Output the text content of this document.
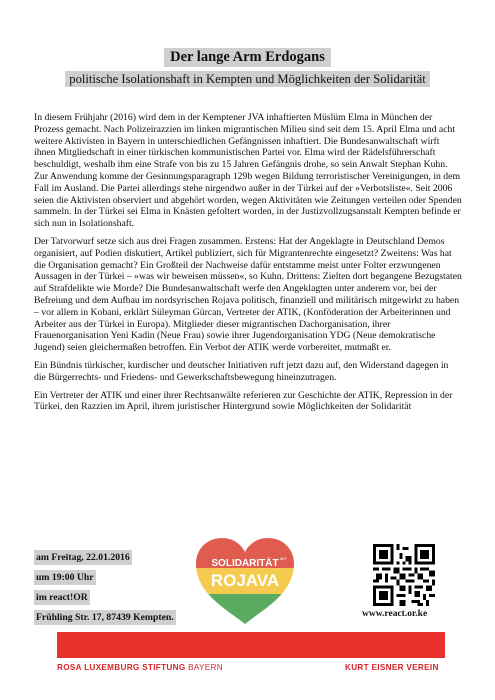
Der lange Arm Erdogans
politische Isolationshaft in Kempten und Möglichkeiten der Solidarität

In diesem Frühjahr (2016) wird dem in der Kemptener JVA inhaftierten Müslüm Elma in München der Prozess gemacht. Nach Polizeirazzien im linken migrantischen Milieu sind seit dem 15. April Elma und acht weitere Aktivisten in Bayern in unterschiedlichen Gefängnissen inhaftiert. Die Bundesanwaltschaft wirft ihnen Mitgliedschaft in einer türkischen kommunistischen Partei vor. Elma wird der Rädelsführerschaft beschuldigt, weshalb ihm eine Strafe von bis zu 15 Jahren Gefängnis drohe, so sein Anwalt Stephan Kuhn. Zur Anwendung komme der Gesinnungsparagraph 129b wegen Bildung terroristischer Vereinigungen, in dem Fall im Ausland. Die Partei allerdings stehe nirgendwo außer in der Türkei auf der »Verbotsliste«. Seit 2006 seien die Aktivisten observiert und abgehört worden, wegen Aktivitäten wie Zeitungen verteilen oder Spenden sammeln. In der Türkei sei Elma in Knästen gefoltert worden, in der Justizvollzugsanstalt Kempten befinde er sich nun in Isolationshaft.

Der Tatvorwurf setze sich aus drei Fragen zusammen. Erstens: Hat der Angeklagte in Deutschland Demos organisiert, auf Podien diskutiert, Artikel publiziert, sich für Migrantenrechte eingesetzt? Zweitens: Was hat die Organisation gemacht? Ein Großteil der Nachweise dafür entstamme meist unter Folter erzwungenen Aussagen in der Türkei – »was wir beweisen müssen«, so Kuhn. Drittens: Zielten dort begangene Bezugstaten auf Strafdelikte wie Morde? Die Bundesanwaltschaft werfe den Angeklagten unter anderem vor, bei der Befreiung und dem Aufbau im nordsyrischen Rojava politisch, finanziell und militärisch mitgewirkt zu haben – vor allem in Kobani, erklärt Süleyman Gürcan, Vertreter der ATIK, (Konföderation der Arbeiterinnen und Arbeiter aus der Türkei in Europa). Mitglieder dieser migrantischen Dachorganisation, ihrer Frauenorganisation Yeni Kadin (Neue Frau) sowie ihrer Jugendorganisation YDG (Neue demokratische Jugend) seien gleichermaßen betroffen. Ein Verbot der ATIK werde vorbereitet, mutmaßt er.

Ein Bündnis türkischer, kurdischer und deutscher Initiativen ruft jetzt dazu auf, den Widerstand dagegen in die Bürgerrechts- und Friedens- und Gewerkschaftsbewegung hineinzutragen.

Ein Vertreter der ATIK und einer ihrer Rechtsanwälte referieren zur Geschichte der ATIK, Repression in der Türkei, den Razzien im April, ihrem juristischer Hintergrund sowie Möglichkeiten der Solidarität

am Freitag, 22.01.2016
um 19:00 Uhr
im react!OR
Frühling Str. 17, 87439 Kempten.
SOLIDARITÄT MIT
ROJAVA
www.react.or.ke
ROSA LUXEMBURG STIFTUNG BAYERN	KURT EISNER VEREIN
